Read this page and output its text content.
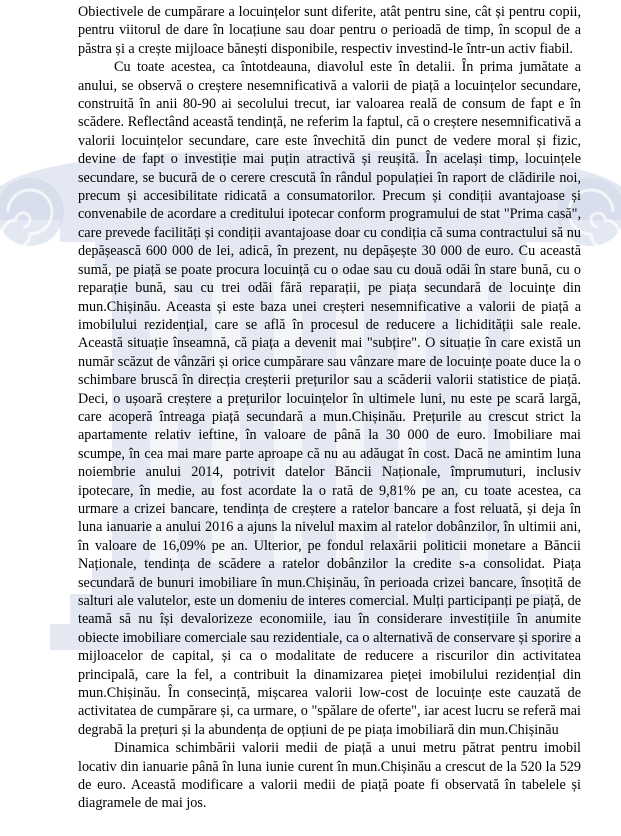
Obiectivele de cumpărare a locuințelor sunt diferite, atât pentru sine, cât și pentru copii, pentru viitorul de dare în locațiune sau doar pentru o perioadă de timp, în scopul de a păstra și a crește mijloace bănești disponibile, respectiv investind-le într-un activ fiabil.

Cu toate acestea, ca întotdeauna, diavolul este în detalii. În prima jumătate a anului, se observă o creștere nesemnificativă a valorii de piață a locuințelor secundare, construită în anii 80-90 ai secolului trecut, iar valoarea reală de consum de fapt e în scădere. Reflectând această tendință, ne referim la faptul, că o creștere nesemnificativă a valorii locuințelor secundare, care este învechită din punct de vedere moral și fizic, devine de fapt o investiție mai puțin atractivă și reușită. În același timp, locuințele secundare, se bucură de o cerere crescută în rândul populației în raport de clădirile noi, precum și accesibilitate ridicată a consumatorilor. Precum și condiții avantajoase și convenabile de acordare a creditului ipotecar conform programului de stat "Prima casă", care prevede facilități și condiții avantajoase doar cu condiția că suma contractului să nu depășească 600 000 de lei, adică, în prezent, nu depășește 30 000 de euro. Cu această sumă, pe piață se poate procura locuință cu o odae sau cu două odăi în stare bună, cu o reparație bună, sau cu trei odăi fără reparații, pe piața secundară de locuințe din mun.Chișinău. Aceasta și este baza unei creșteri nesemnificative a valorii de piață a imobilului rezidențial, care se află în procesul de reducere a lichidității sale reale. Această situație înseamnă, că piața a devenit mai "subțire". O situație în care există un număr scăzut de vânzări și orice cumpărare sau vânzare mare de locuințe poate duce la o schimbare bruscă în direcția creșterii prețurilor sau a scăderii valorii statistice de piață. Deci, o ușoară creștere a prețurilor locuințelor în ultimele luni, nu este pe scară largă, care acoperă întreaga piață secundară a mun.Chișinău. Prețurile au crescut strict la apartamente relativ ieftine, în valoare de până la 30 000 de euro. Imobiliare mai scumpe, în cea mai mare parte aproape că nu au adăugat în cost. Dacă ne amintim luna noiembrie anului 2014, potrivit datelor Băncii Naționale, împrumuturi, inclusiv ipotecare, în medie, au fost acordate la o rată de 9,81% pe an, cu toate acestea, ca urmare a crizei bancare, tendința de creștere a ratelor bancare a fost reluată, și deja în luna ianuarie a anului 2016 a ajuns la nivelul maxim al ratelor dobânzilor, în ultimii ani, în valoare de 16,09% pe an. Ulterior, pe fondul relaxării politicii monetare a Băncii Naționale, tendința de scădere a ratelor dobânzilor la credite s-a consolidat. Piața secundară de bunuri imobiliare în mun.Chișinău, în perioada crizei bancare, însoțită de salturi ale valutelor, este un domeniu de interes comercial. Mulți participanți pe piață, de teamă să nu își devalorizeze economiile, iau în considerare investițiile în anumite obiecte imobiliare comerciale sau rezidentiale, ca o alternativă de conservare și sporire a mijloacelor de capital, și ca o modalitate de reducere a riscurilor din activitatea principală, care la fel, a contribuit la dinamizarea pieței imobilului rezidențial din mun.Chișinău. În consecință, mișcarea valorii low-cost de locuințe este cauzată de activitatea de cumpărare și, ca urmare, o "spălare de oferte", iar acest lucru se referă mai degrabă la prețuri și la abundența de opțiuni de pe piața imobiliară din mun.Chișinău

Dinamica schimbării valorii medii de piață a unui metru pătrat pentru imobil locativ din ianuarie până în luna iunie curent în mun.Chișinău a crescut de la 520 la 529 de euro. Această modificare a valorii medii de piață poate fi observată în tabelele și diagramele de mai jos.
